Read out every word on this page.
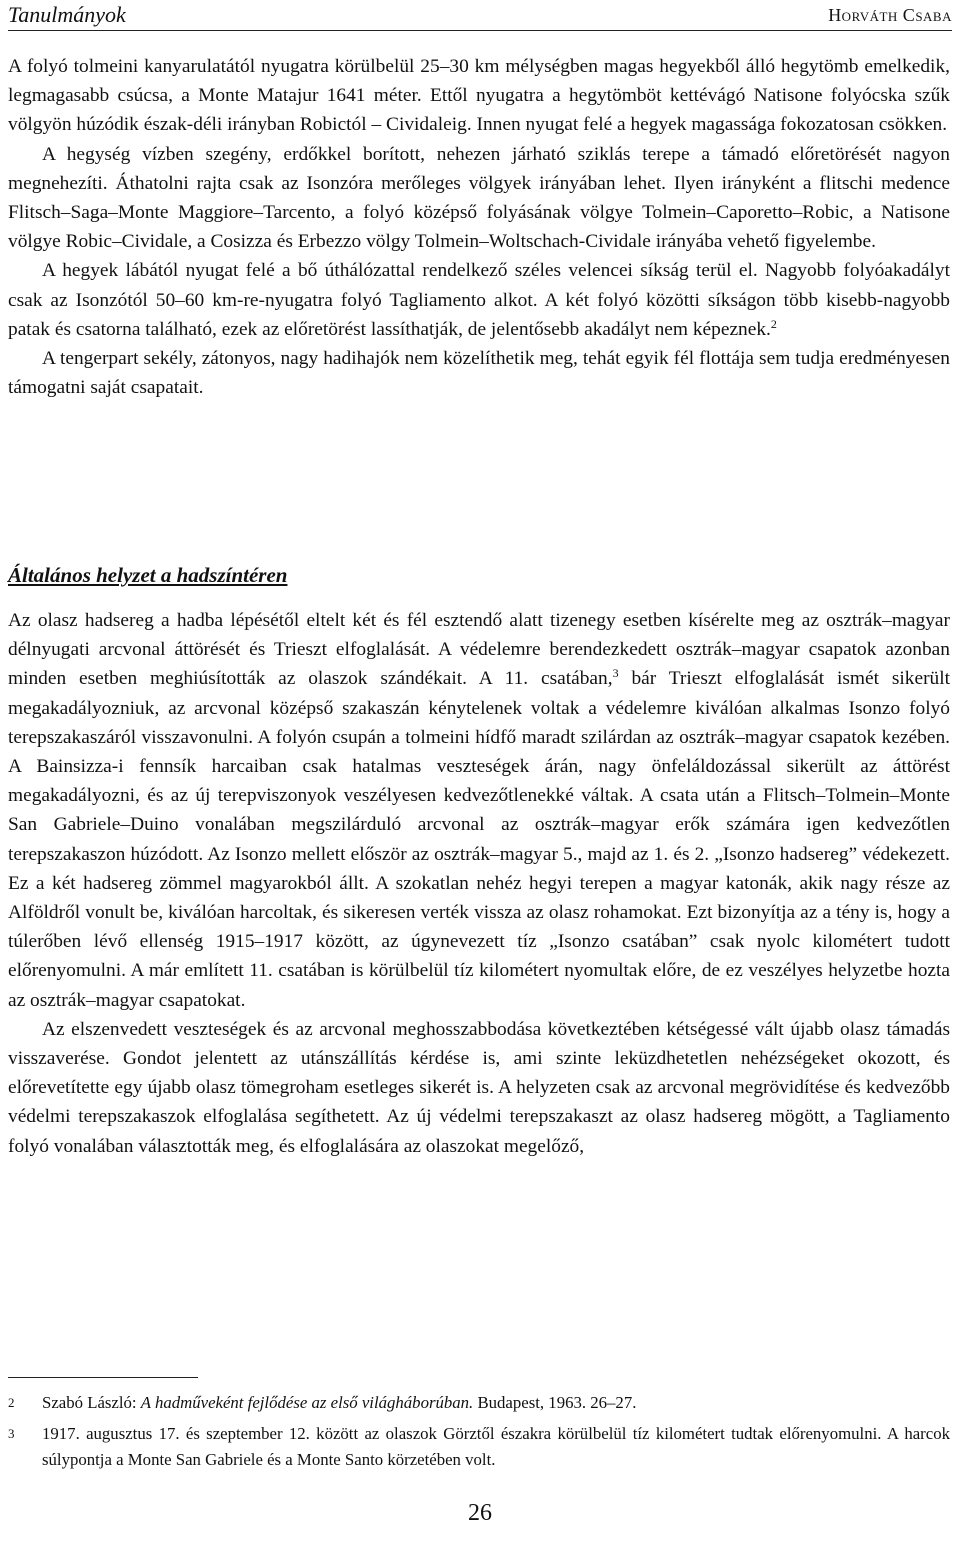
Tanulmányok	Horváth Csaba

A folyó tolmeini kanyarulatától nyugatra körülbelül 25–30 km mélységben magas hegyekből álló hegytömb emelkedik, legmagasabb csúcsa, a Monte Matajur 1641 méter. Ettől nyugatra a hegytömböt kettévágó Natisone folyócska szűk völgyön húzódik észak-déli irányban Robictól – Cividaleig. Innen nyugat felé a hegyek magassága fokozatosan csökken.

A hegység vízben szegény, erdőkkel borított, nehezen járható sziklás terepe a támadó előretörését nagyon megnehezíti. Áthatolni rajta csak az Isonzóra merőleges völgyek irányában lehet. Ilyen irányként a flitschi medence Flitsch–Saga–Monte Maggiore–Tarcento, a folyó középső folyásának völgye Tolmein–Caporetto–Robic, a Natisone völgye Robic–Cividale, a Cosizza és Erbezzo völgy Tolmein–Woltschach-Cividale irányába vehető figyelembe.

A hegyek lábától nyugat felé a bő úthálózattal rendelkező széles velencei síkság terül el. Nagyobb folyóakadályt csak az Isonzótól 50–60 km-re-nyugatra folyó Tagliamento alkot. A két folyó közötti síkságon több kisebb-nagyobb patak és csatorna található, ezek az előretörést lassíthatják, de jelentősebb akadályt nem képeznek.$^2$

A tengerpart sekély, zátonyos, nagy hadihajók nem közelíthetik meg, tehát egyik fél flottája sem tudja eredményesen támogatni saját csapatait.

Általános helyzet a hadszíntéren

Az olasz hadsereg a hadba lépésétől eltelt két és fél esztendő alatt tizenegy esetben kísérelte meg az osztrák–magyar délnyugati arcvonal áttörését és Trieszt elfoglalását. A védelemre berendezkedett osztrák–magyar csapatok azonban minden esetben meghiúsították az olaszok szándékait. A 11. csatában,$^3$ bár Trieszt elfoglalását ismét sikerült megakadályozniuk, az arcvonal középső szakaszán kénytelenek voltak a védelemre kiválóan alkalmas Isonzo folyó terepszakaszáról visszavonulni. A folyón csupán a tolmeini hídfő maradt szilárdan az osztrák–magyar csapatok kezében. A Bainsizza-i fennsík harcaiban csak hatalmas veszteségek árán, nagy önfeláldozással sikerült az áttörést megakadályozni, és az új terepviszonyok veszélyesen kedvezőtlenekké váltak. A csata után a Flitsch–Tolmein–Monte San Gabriele–Duino vonalában megszilárduló arcvonal az osztrák–magyar erők számára igen kedvezőtlen terepszakaszon húzódott. Az Isonzo mellett először az osztrák–magyar 5., majd az 1. és 2. „Isonzo hadsereg” védekezett. Ez a két hadsereg zömmel magyarokból állt. A szokatlan nehéz hegyi terepen a magyar katonák, akik nagy része az Alföldről vonult be, kiválóan harcoltak, és sikeresen verték vissza az olasz rohamokat. Ezt bizonyítja az a tény is, hogy a túlerőben lévő ellenség 1915–1917 között, az úgynevezett tíz „Isonzo csatában” csak nyolc kilométert tudott előrenyomulni. A már említett 11. csatában is körülbelül tíz kilométert nyomultak előre, de ez veszélyes helyzetbe hozta az osztrák–magyar csapatokat.

Az elszenvedett veszteségek és az arcvonal meghosszabbodása következtében kétségessé vált újabb olasz támadás visszaverése. Gondot jelentett az utánszállítás kérdése is, ami szinte leküzdhetetlen nehézségeket okozott, és előrevetítette egy újabb olasz tömegroham esetleges sikerét is. A helyzeten csak az arcvonal megrövidítése és kedvezőbb védelmi terepszakaszok elfoglalása segíthetett. Az új védelmi terepszakaszt az olasz hadsereg mögött, a Tagliamento folyó vonalában választották meg, és elfoglalására az olaszokat megelőző,

2 Szabó László: A hadműveként fejlődése az első világháborúban. Budapest, 1963. 26–27.
3 1917. augusztus 17. és szeptember 12. között az olaszok Görztől északra körülbelül tíz kilométert tudtak előrenyomulni. A harcok súlypontja a Monte San Gabriele és a Monte Santo körzetében volt.
26
